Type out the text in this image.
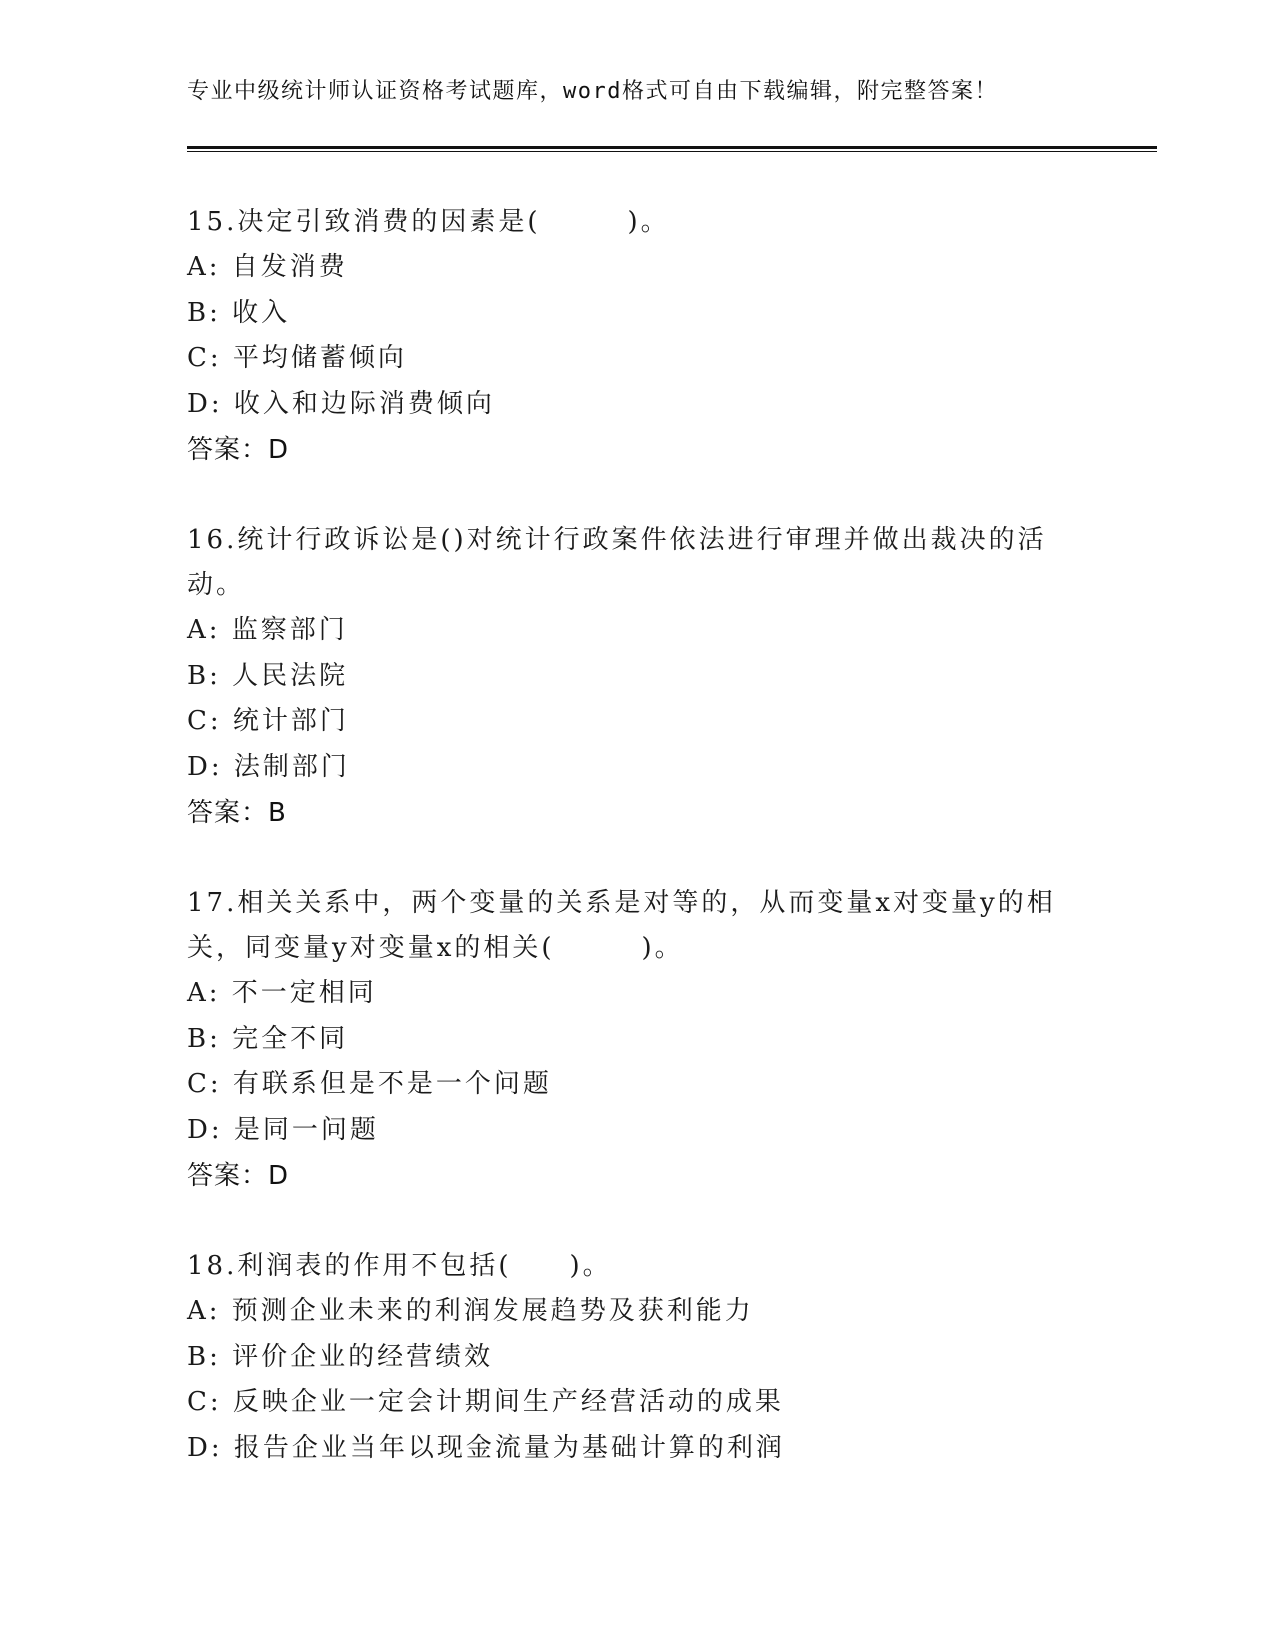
专业中级统计师认证资格考试题库，word格式可自由下载编辑，附完整答案！

15.决定引致消费的因素是(　　　)。

A: 自发消费

B: 收入

C: 平均储蓄倾向

D: 收入和边际消费倾向

答案：D

16.统计行政诉讼是()对统计行政案件依法进行审理并做出裁决的活动。

A: 监察部门

B: 人民法院

C: 统计部门

D: 法制部门

答案：B

17.相关关系中，两个变量的关系是对等的，从而变量x对变量y的相关，同变量y对变量x的相关(　　　)。

A: 不一定相同

B: 完全不同

C: 有联系但是不是一个问题

D: 是同一问题

答案：D

18.利润表的作用不包括(　　)。

A: 预测企业未来的利润发展趋势及获利能力

B: 评价企业的经营绩效

C: 反映企业一定会计期间生产经营活动的成果

D: 报告企业当年以现金流量为基础计算的利润
